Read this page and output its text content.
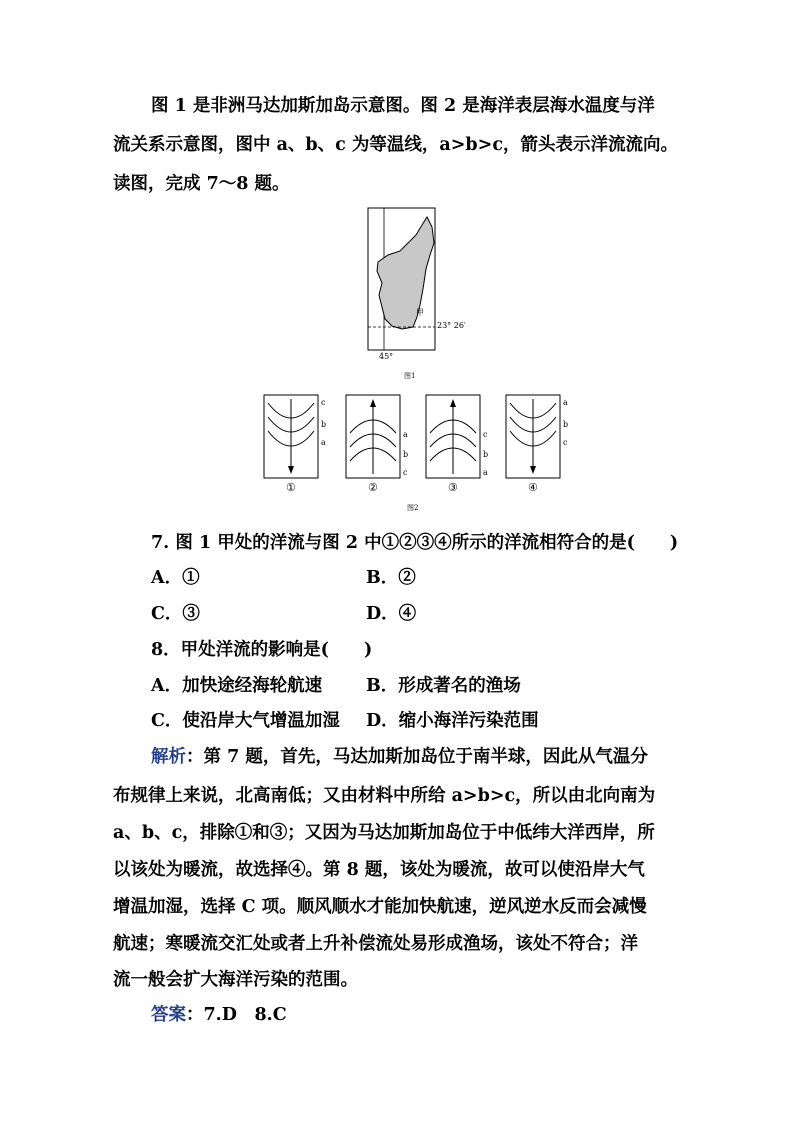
图 1 是非洲马达加斯加岛示意图。图 2 是海洋表层海水温度与洋
流关系示意图，图中 a、b、c 为等温线，a>b>c，箭头表示洋流流向。
读图，完成 7～8 题。
甲
23° 26′
45°
图1
c
b
a
①
a
b
c
②
c
b
a
③
a
b
c
④
图2
7. 图 1 甲处的洋流与图 2 中①②③④所示的洋流相符合的是(　　)
A．①	B．②
C．③	D．④
8．甲处洋流的影响是(　　)
A．加快途经海轮航速	B．形成著名的渔场
C．使沿岸大气增温加湿 D．缩小海洋污染范围
解析：第 7 题，首先，马达加斯加岛位于南半球，因此从气温分
布规律上来说，北高南低；又由材料中所给 a>b>c，所以由北向南为
a、b、c，排除①和③；又因为马达加斯加岛位于中低纬大洋西岸，所
以该处为暖流，故选择④。第 8 题，该处为暖流，故可以使沿岸大气
增温加湿，选择 C 项。顺风顺水才能加快航速，逆风逆水反而会减慢
航速；寒暖流交汇处或者上升补偿流处易形成渔场，该处不符合；洋
流一般会扩大海洋污染的范围。
答案：7.D　8.C
